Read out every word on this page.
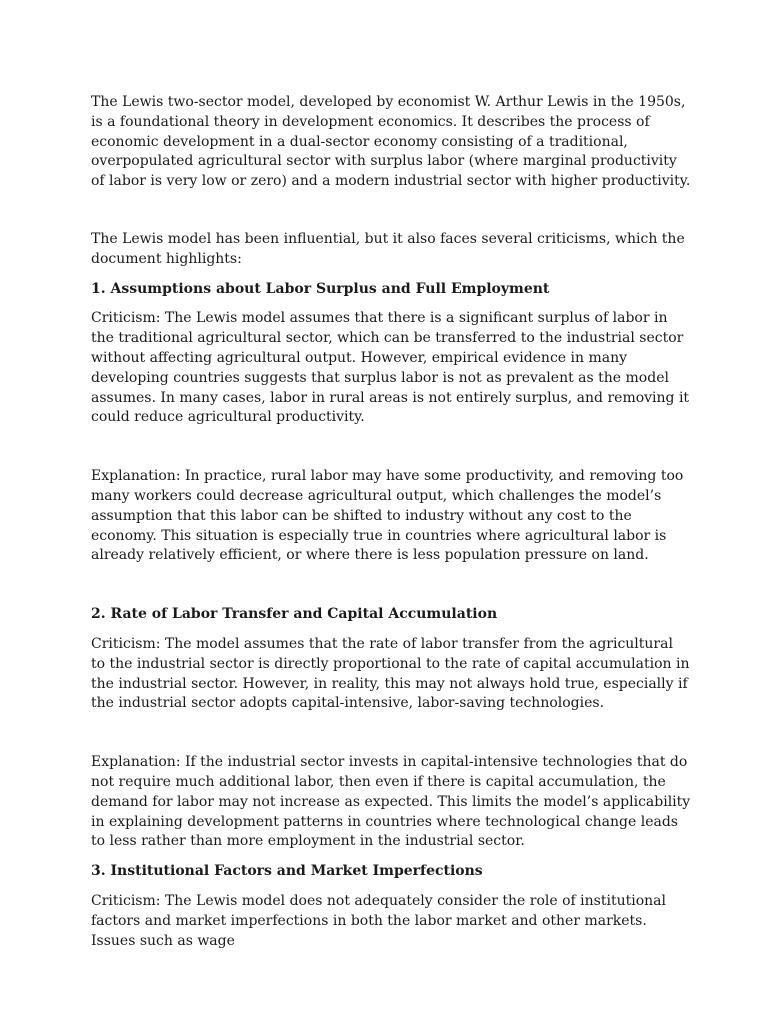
The Lewis two-sector model, developed by economist W. Arthur Lewis in the 1950s, is a foundational theory in development economics. It describes the process of economic development in a dual-sector economy consisting of a traditional, overpopulated agricultural sector with surplus labor (where marginal productivity of labor is very low or zero) and a modern industrial sector with higher productivity.

The Lewis model has been influential, but it also faces several criticisms, which the document highlights:

1. Assumptions about Labor Surplus and Full Employment

Criticism: The Lewis model assumes that there is a significant surplus of labor in the traditional agricultural sector, which can be transferred to the industrial sector without affecting agricultural output. However, empirical evidence in many developing countries suggests that surplus labor is not as prevalent as the model assumes. In many cases, labor in rural areas is not entirely surplus, and removing it could reduce agricultural productivity.

Explanation: In practice, rural labor may have some productivity, and removing too many workers could decrease agricultural output, which challenges the model’s assumption that this labor can be shifted to industry without any cost to the economy. This situation is especially true in countries where agricultural labor is already relatively efficient, or where there is less population pressure on land.

2. Rate of Labor Transfer and Capital Accumulation

Criticism: The model assumes that the rate of labor transfer from the agricultural to the industrial sector is directly proportional to the rate of capital accumulation in the industrial sector. However, in reality, this may not always hold true, especially if the industrial sector adopts capital-intensive, labor-saving technologies.

Explanation: If the industrial sector invests in capital-intensive technologies that do not require much additional labor, then even if there is capital accumulation, the demand for labor may not increase as expected. This limits the model’s applicability in explaining development patterns in countries where technological change leads to less rather than more employment in the industrial sector.

3. Institutional Factors and Market Imperfections

Criticism: The Lewis model does not adequately consider the role of institutional factors and market imperfections in both the labor market and other markets. Issues such as wage
